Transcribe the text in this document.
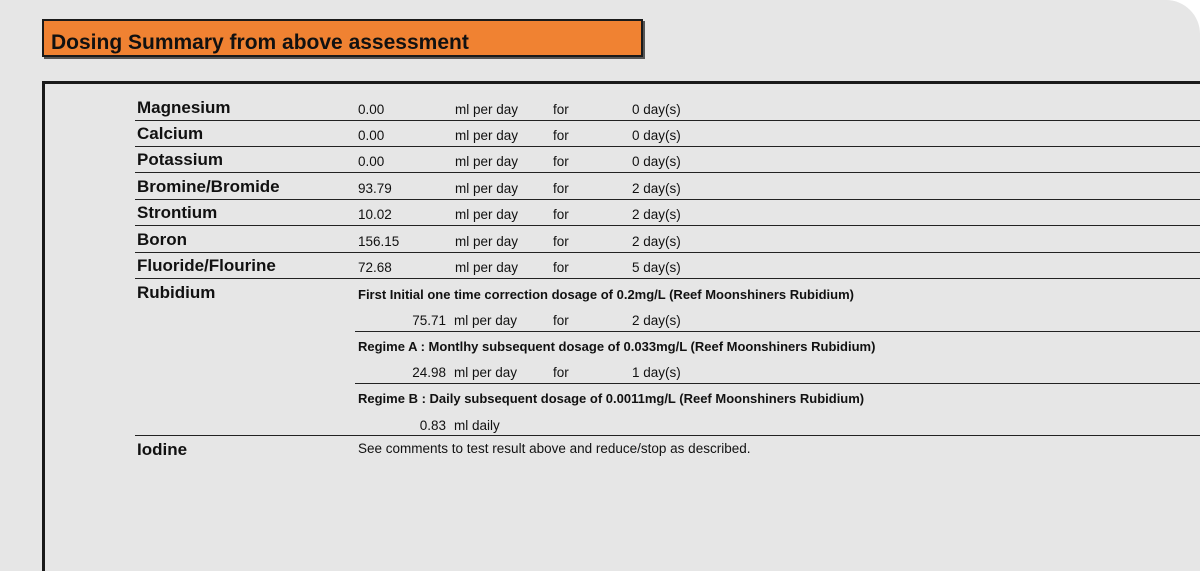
Dosing Summary from above assessment
Magnesium	0.00	ml per day	for	0 day(s)
Calcium	0.00	ml per day	for	0 day(s)
Potassium	0.00	ml per day	for	0 day(s)
Bromine/Bromide	93.79	ml per day	for	2 day(s)
Strontium	10.02	ml per day	for	2 day(s)
Boron	156.15	ml per day	for	2 day(s)
Fluoride/Flourine	72.68	ml per day	for	5 day(s)
Rubidium	First Initial one time correction dosage of 0.2mg/L (Reef Moonshiners Rubidium)
75.71 ml per day	for	2 day(s)
Regime A : Montlhy subsequent dosage of 0.033mg/L (Reef Moonshiners Rubidium)
24.98 ml per day	for	1 day(s)
Regime B : Daily subsequent dosage of 0.0011mg/L (Reef Moonshiners Rubidium)
0.83 ml daily
Iodine	See comments to test result above and reduce/stop as described.
